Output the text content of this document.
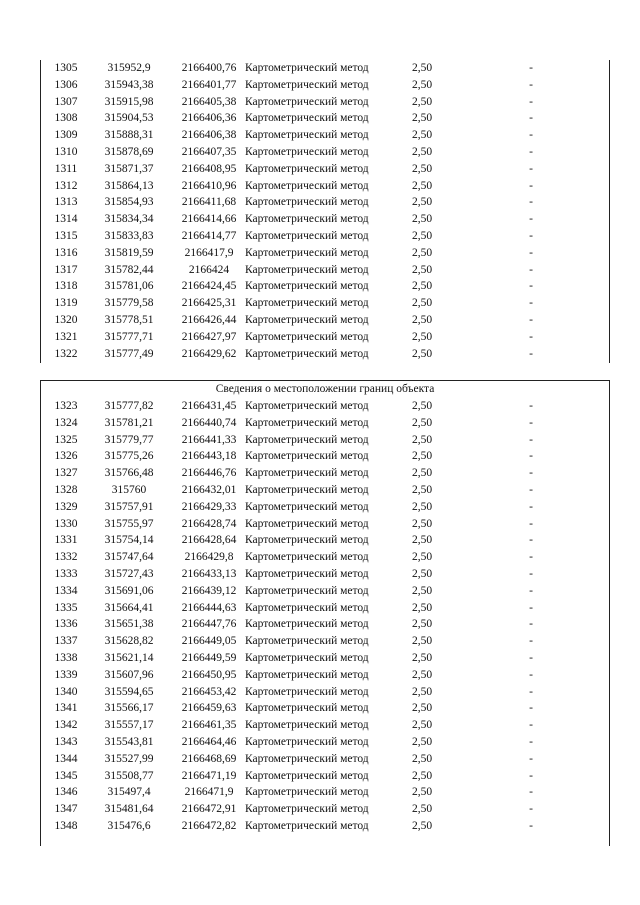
1305	315952,9	2166400,76 Картометрический метод	2,50	-
1306	315943,38	2166401,77 Картометрический метод	2,50	-
1307	315915,98	2166405,38 Картометрический метод	2,50	-
1308	315904,53	2166406,36 Картометрический метод	2,50	-
1309	315888,31	2166406,38 Картометрический метод	2,50	-
1310	315878,69	2166407,35 Картометрический метод	2,50	-
1311	315871,37	2166408,95 Картометрический метод	2,50	-
1312	315864,13	2166410,96 Картометрический метод	2,50	-
1313	315854,93	2166411,68 Картометрический метод	2,50	-
1314	315834,34	2166414,66 Картометрический метод	2,50	-
1315	315833,83	2166414,77 Картометрический метод	2,50	-
1316	315819,59	2166417,9	Картометрический метод	2,50	-
1317	315782,44	2166424	Картометрический метод	2,50	-
1318	315781,06	2166424,45 Картометрический метод	2,50	-
1319	315779,58	2166425,31 Картометрический метод	2,50	-
1320	315778,51	2166426,44 Картометрический метод	2,50	-
1321	315777,71	2166427,97 Картометрический метод	2,50	-
1322	315777,49	2166429,62 Картометрический метод	2,50	-
Сведения о местоположении границ объекта
1323	315777,82	2166431,45 Картометрический метод	2,50	-
1324	315781,21	2166440,74 Картометрический метод	2,50	-
1325	315779,77	2166441,33 Картометрический метод	2,50	-
1326	315775,26	2166443,18 Картометрический метод	2,50	-
1327	315766,48	2166446,76 Картометрический метод	2,50	-
1328	315760	2166432,01 Картометрический метод	2,50	-
1329	315757,91	2166429,33 Картометрический метод	2,50	-
1330	315755,97	2166428,74 Картометрический метод	2,50	-
1331	315754,14	2166428,64 Картометрический метод	2,50	-
1332	315747,64	2166429,8	Картометрический метод	2,50	-
1333	315727,43	2166433,13 Картометрический метод	2,50	-
1334	315691,06	2166439,12 Картометрический метод	2,50	-
1335	315664,41	2166444,63 Картометрический метод	2,50	-
1336	315651,38	2166447,76 Картометрический метод	2,50	-
1337	315628,82	2166449,05 Картометрический метод	2,50	-
1338	315621,14	2166449,59 Картометрический метод	2,50	-
1339	315607,96	2166450,95 Картометрический метод	2,50	-
1340	315594,65	2166453,42 Картометрический метод	2,50	-
1341	315566,17	2166459,63 Картометрический метод	2,50	-
1342	315557,17	2166461,35 Картометрический метод	2,50	-
1343	315543,81	2166464,46 Картометрический метод	2,50	-
1344	315527,99	2166468,69 Картометрический метод	2,50	-
1345	315508,77	2166471,19 Картометрический метод	2,50	-
1346	315497,4	2166471,9	Картометрический метод	2,50	-
1347	315481,64	2166472,91 Картометрический метод	2,50	-
1348	315476,6	2166472,82 Картометрический метод	2,50	-
